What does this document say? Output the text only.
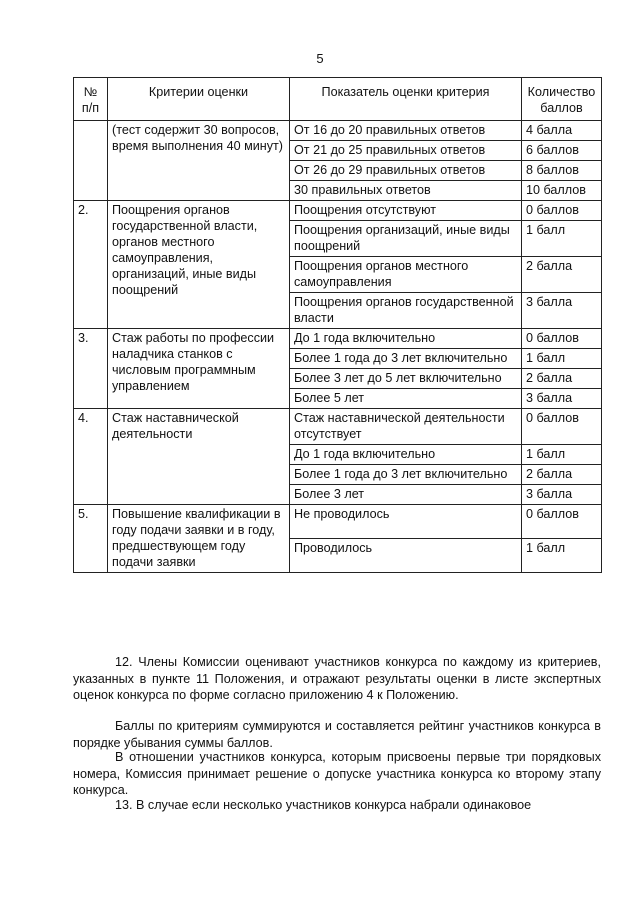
5
№ п/п	Критерии оценки	Показатель оценки критерия	Количество баллов
	(тест содержит 30 вопросов, время выполнения 40 минут)	От 16 до 20 правильных ответов	4 балла
		От 21 до 25 правильных ответов	6 баллов
		От 26 до 29 правильных ответов	8 баллов
		30 правильных ответов	10 баллов
2.	Поощрения органов государственной власти, органов местного самоуправления, организаций, иные виды поощрений	Поощрения отсутствуют	0 баллов
		Поощрения организаций, иные виды поощрений	1 балл
		Поощрения органов местного самоуправления	2 балла
		Поощрения органов государственной власти	3 балла
3.	Стаж работы по профессии наладчика станков с числовым программным управлением	До 1 года включительно	0 баллов
		Более 1 года до 3 лет включительно	1 балл
		Более 3 лет до 5 лет включительно	2 балла
		Более 5 лет	3 балла
4.	Стаж наставнической деятельности	Стаж наставнической деятельности отсутствует	0 баллов
		До 1 года включительно	1 балл
		Более 1 года до 3 лет включительно	2 балла
		Более 3 лет	3 балла
5.	Повышение квалификации в году подачи заявки и в году, предшествующем году подачи заявки	Не проводилось	0 баллов
		Проводилось	1 балл
12. Члены Комиссии оценивают участников конкурса по каждому из критериев, указанных в пункте 11 Положения, и отражают результаты оценки в листе экспертных оценок конкурса по форме согласно приложению 4 к Положению.
Баллы по критериям суммируются и составляется рейтинг участников конкурса в порядке убывания суммы баллов.
В отношении участников конкурса, которым присвоены первые три порядковых номера, Комиссия принимает решение о допуске участника конкурса ко второму этапу конкурса.
13. В случае если несколько участников конкурса набрали одинаковое
